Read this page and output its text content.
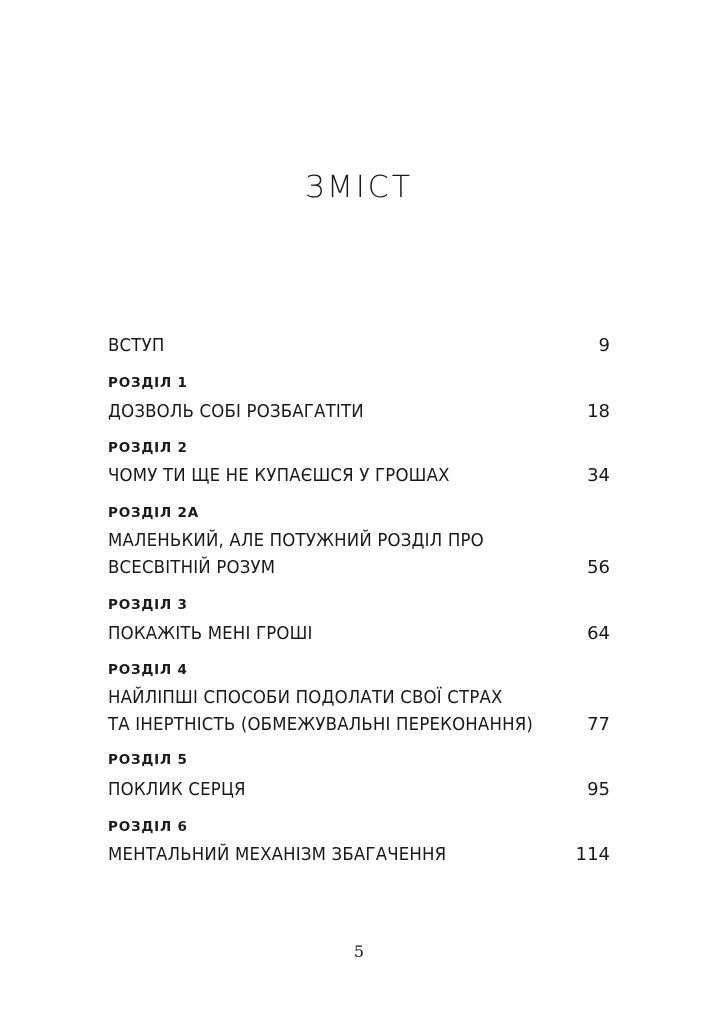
ЗМІСТ
ВСТУП	9
РОЗДІЛ 1
ДОЗВОЛЬ СОБІ РОЗБАГАТІТИ	18
РОЗДІЛ 2
ЧОМУ ТИ ЩЕ НЕ КУПАЄШСЯ У ГРОШАХ	34
РОЗДІЛ 2А
МАЛЕНЬКИЙ, АЛЕ ПОТУЖНИЙ РОЗДІЛ ПРО
ВСЕСВІТНІЙ РОЗУМ	56
РОЗДІЛ 3
ПОКАЖІТЬ МЕНІ ГРОШІ	64
РОЗДІЛ 4
НАЙЛІПШІ СПОСОБИ ПОДОЛАТИ СВОЇ СТРАХ
ТА ІНЕРТНІСТЬ (ОБМЕЖУВАЛЬНІ ПЕРЕКОНАННЯ)	77
РОЗДІЛ 5
ПОКЛИК СЕРЦЯ	95
РОЗДІЛ 6
МЕНТАЛЬНИЙ МЕХАНІЗМ ЗБАГАЧЕННЯ	114
5
